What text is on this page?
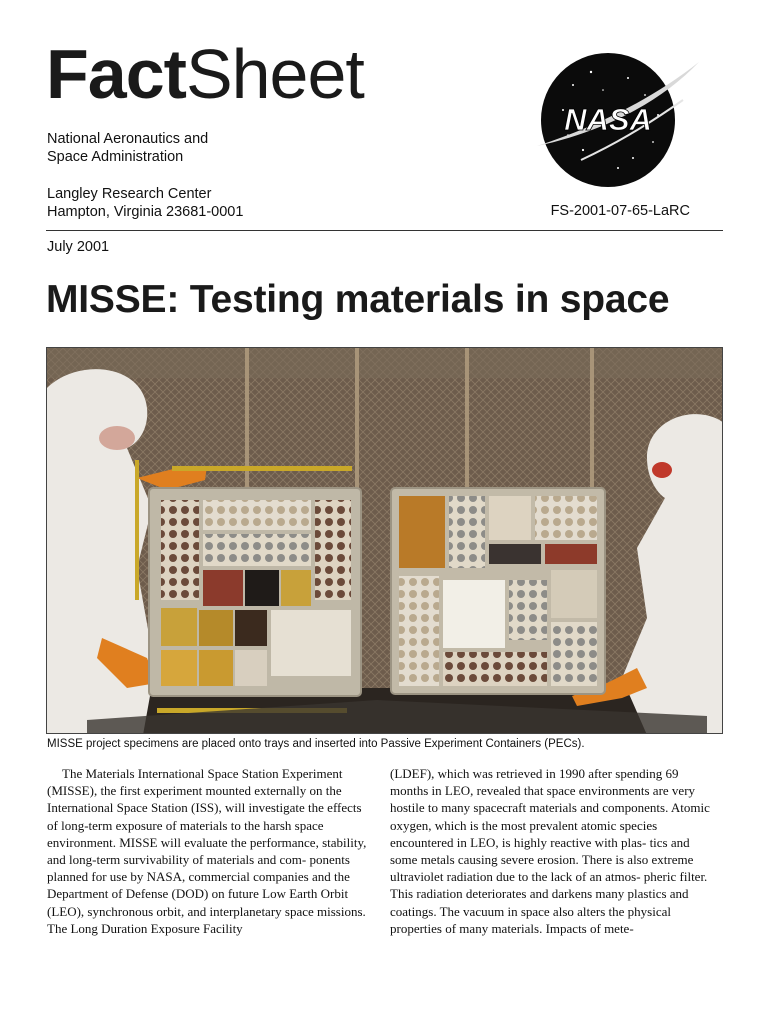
FactSheet
National Aeronautics and
Space Administration
Langley Research Center
Hampton, Virginia 23681-0001
NASA
FS-2001-07-65-LaRC
July 2001
MISSE: Testing materials in space
MISSE project specimens are placed onto trays and inserted into Passive Experiment Containers (PECs).

The Materials International Space Station Experiment (MISSE), the first experiment mounted externally on the International Space Station (ISS), will investigate the effects of long-term exposure of materials to the harsh space environment. MISSE will evaluate the performance, stability, and long-term survivability of materials and com- ponents planned for use by NASA, commercial companies and the Department of Defense (DOD) on future Low Earth Orbit (LEO), synchronous orbit, and interplanetary space missions. The Long Duration Exposure Facility

(LDEF), which was retrieved in 1990 after spending 69 months in LEO, revealed that space environments are very hostile to many spacecraft materials and components. Atomic oxygen, which is the most prevalent atomic species encountered in LEO, is highly reactive with plas- tics and some metals causing severe erosion. There is also extreme ultraviolet radiation due to the lack of an atmos- pheric filter. This radiation deteriorates and darkens many plastics and coatings. The vacuum in space also alters the physical properties of many materials. Impacts of mete-
